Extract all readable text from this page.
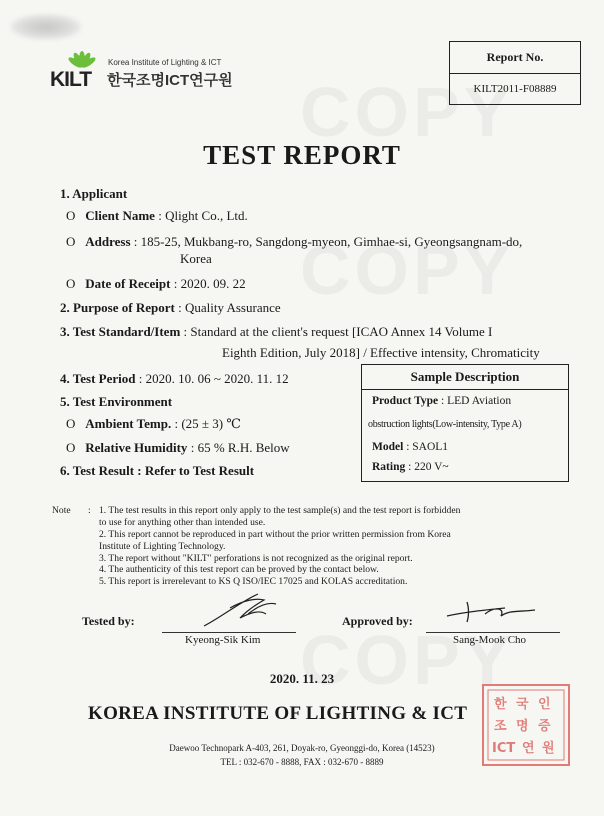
KILT
Korea Institute of Lighting & ICT
한국조명ICT연구원
Report No.
KILT2011-F08889
TEST REPORT
1. Applicant
O Client Name : Qlight Co., Ltd.
O Address : 185-25, Mukbang-ro, Sangdong-myeon, Gimhae-si, Gyeongsangnam-do,
Korea
O Date of Receipt : 2020. 09. 22
2. Purpose of Report : Quality Assurance
3. Test Standard/Item : Standard at the client's request [ICAO Annex 14 Volume I
Eighth Edition, July 2018] / Effective intensity, Chromaticity
4. Test Period : 2020. 10. 06 ~ 2020. 11. 12
5. Test Environment
O Ambient Temp. : (25 ± 3) ℃
O Relative Humidity : 65 % R.H. Below
6. Test Result : Refer to Test Result
Sample Description
Product Type : LED Aviation
obstruction lights(Low-intensity, Type A)
Model : SAOL1
Rating : 220 V~
Note : 1. The test results in this report only apply to the test sample(s) and the test report is forbidden
to use for anything other than intended use.
2. This report cannot be reproduced in part without the prior written permission from Korea
Institute of Lighting Technology.
3. The report without "KILT" perforations is not recognized as the original report.
4. The authenticity of this test report can be proved by the contact below.
5. This report is irrerelevant to KS Q ISO/IEC 17025 and KOLAS accreditation.
Tested by:
Kyeong-Sik Kim
Approved by:
Sang-Mook Cho
2020. 11. 23
KOREA INSTITUTE OF LIGHTING & ICT
Daewoo Technopark A-403, 261, Doyak-ro, Gyeonggi-do, Korea (14523)
TEL : 032-670 - 8888, FAX : 032-670 - 8889
한 국 인
조 명 증
ICT 연 원
